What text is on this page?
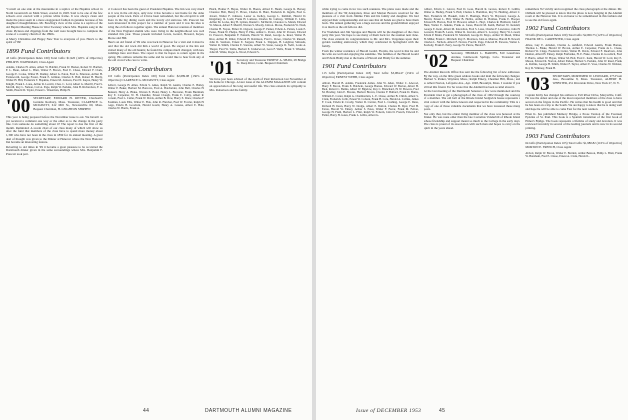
"Carroll on one side of the mezzanine in a replica of the Hopkins school in North Greenwich on Main Street, erected in 1928. Said to be one of the few schools ever erected with a private white frame. It was always clean and made the place seem in a more exaggerated fashion in genuine because of his daughter's thoughtfulness. Mr. Bowling's view of the scene is a replica of the old Baptist Meeting House in West Swanzey where Mrs. Hopkins sang in the choir. Pictures and clippings from the wall were brought here to complete the scene of a country church of the 1890s.

A Merry Christmas and Happy New Year to everyone of you. Here's to the spirit of '99!

1899 Fund Contributors
43 Gifts (Participation Index 100) Total Gifts: $1,920 (120% of Objective) PHILIP H. WATERMAN, Class Agent
Adams, Charles H. Allen, Albert W. Babbitt, Frank W. Barker, Robert W. Bartlett, F. L. Bean, Albert L. Blair, Walter F. Brown, Fred E. Chase, Edward F. Clark, George E. Cooke, Walter H. Dudley, Albert G. Eaton, Fred G. Emerson, Arthur H. Farnsworth, George Foster, Frank E. Gilman, Charles E. Hall, Robert B. Hardy, Walter H. Hill, Frederick T. Hopkins, Ernest M. Jackson, Fred N. Keyes, Henry W. Knight, Frank L. Lane, Arthur R. Leavitt, Chas. C. Lord, Albert G. Merrill, Fred S. Morrill, Roy L. Nelson, Carl A. Page, Ralph W. Perkins, John B. Richardson, F. A. Smith, Harold D. Taylor, Ernest L. Waterman, Philip H.
'00 SECRETARY, EDWARD H. RITTER, Chadwell's Gardens Roxbury, Mass. Treasurer, CLARENCE G. MCDAVITT, 612 Mill St., Newtonville 60, Mass. Bequest Chairman, H. LEIGHTON SHIPPEN

This year is being prepared before the November issue is out. We haven't as yet received a comment one way or the other as to the change in the party line. Can someone do something about it? The report is due the first of the month. Reminded: A recent chart of our class many of which will show us after the fund that members of the class have to spend more money about 1,300 who have not been in the class in 1899 for its annual meeting. A great deal of thought was given to the Dinner at Hanover where the New Hanover Inn became an interesting feature.

Reverting to old times in '99 it became a great pleasure to be re-visited the Dartmouth dinner given in the same surroundings where Mrs. Benjamin F. Prescott took part.

of Concord has been the guest of President Hopkins. The Inn was very much as it was in the old days, only now it has become a rest home for the older people of the town. Parts of it have been remodeled, but the old spirit is still there in the big dining room and the lovely old staircase. Mr. Prescott has been interested in this project for a number of years and it was his idea to bring the old fellows together again. The annual Hanover reunion of members of the New England alumni who were living in the neighborhood was well attended this year. Those present included Lewis, Gerard, Howard, Keyes, Morse and Hill.

Here's an old friend of '99 who was back in Hanover for a visit and it must be said that the old town did him a world of good. He stayed at the Inn and visited many of the old haunts; he found the campus much changed, with new buildings here and there. The report is that he hopes to return again in the spring. His address remains the same and he would like to hear from any of the old crowd who care to write.

1900 Fund Contributors
110 Gifts (Participation Index 100) Total Gifts: $2,089.08 (136% of Objective) CLARENCE G. MCDAVITT, Class Agent
Abbott, George H. Allen, Edwin S. Ames, Ralph W. Austin, Charles E. Bailey, Walter P. Baker, Herbert M. Barrows, Fred A. Batchelder, John Bell, Charles H. Bennett, Harry A. Blake, Warren E. Bond, Henry L. Brewster, Frank Burnham, Roy E. Carpenter, W. H. Chandler, Ernest Clough, Frank E. Colby, Albert R. Conant, Fred L. Cutler, Frank W. Davis, Arthur B. Dow, Harry E. Drew, Charles F. Eastman, Louis Ellis, Walter E. Fisk, John R. Fletcher, Fred W. Fowler, Ralph H. Gage, Edwin B. Goodwin, Harold Gould, Henry A. Greene, Albert E. Hale, Charles W. Harris, Frank A.
Hatch, Homer F. Hayes, Walter D. Hazen, Alfred E. Heath, George R. Hersey, Clarence Holt, Henry E. Howe, Charles D. Hunt, Frederick R. Ingalls, Fred G. Jewett, Walter F. Johnson, Lester A. Kelley, George L. Kimball, Harold D. Kingsbury, R. Ladd, Frank H. Lamson, Charles M. Lathrop, William E. Little, Arthur M. Locke, Roy B. Lyman, Daniel C. McDavitt, Clarence G. Marsh, Edward W. Mason, Albert F. Merrill, Warren S. Moody, John A. Morse, Frederick W. Nash, Charles H. Noyes, Elmer D. Osgood, George F. Parker, Edwin A. Patten, Louis E. Pease, Frank W. Phelps, Harry P. Pike, Arthur L. Porter, John W. Powers, Edward D. Prescott, Benjamin F. Putnam, Harold W. Rand, George A. Reed, Walter B. Rice, Arthur H. Ritter, Edward H. Robinson, Fred L. Rowe, Charles W. Russell, John D. Sanborn, Ernest E. Sargent, Frank L. Shippen, H. Leighton Simonds, Walter R. Smith, Charles E. Stevens, Albert W. Stone, George D. Swift, Louis A. Thayer, Fred W. Tuttle, Herbert E. Underwood, Leon F. Wells, Frank T. Wheeler, John M. White, Roger A. Wood, Edward S.
'01 Secretary and Treasurer ERNEST A. SHAW, 28 Bridge St. Deep River, Conn. Bequest Chairman

We have just been advised of the death of Paul Robertson last November at his home in Chicago. A later issue of the ALUMNI MAGAZINE will contain an appreciation of his long and useful life. The class extends its sympathy to Mrs. Robertson and the family.

44	DARTMOUTH ALUMNI MAGAZINE

while trying to come in for two such reunions. The plans were made and the members of the '99 delegation, three and Marion Bowers resolved for the pleasure of a visit from Jimmie Finn and his family and daughter. We had enjoyed their companionship and are sure that all hands are glad to have them back. The annual gathering was a huge success and the grandchildren enjoyed it as much as the old fellows did.

For Workmen and Jim Sprague and Hezzie will be the daughters of the class party this year. We hope to see many of them back for the reunion next June. The class extends its congratulations to Mr. and Mrs. Vergennes upon their golden wedding anniversary which they celebrated in Springfield with the family.

From the winter residence of Harold Gould, Florida, the word is that he and his wife are well and enjoying the sunshine. The families of the Harold Gould and Edwin Biddy met at the home of Harold and Biddy for the summer.

1901 Fund Contributors
115 Gifts (Participation Index 118) Total Gifts: $3,084.47 (154% of Objective) ERNEST WEBB, Class Agent
Abbott, Harold B. Adams, Frederick Alden, John W. Allen, Walter C. Atwood, Harry F. Bacon, Frank E. Baldwin, George Barnes, Edward W. Barton, Albert H. Beal, Robert C. Bemis, Albert W. Bigelow, Roy C. Blanchard, H. W. Bowers, Fred M. Bradley, John E. Brooks, Herbert Brown, Charles F. Bullard, Frank D. Burns, William E. Carter, Ralph A. Chamberlain, L. E. Chase, Arthur B. Childs, Albert S. Clark, Frederick Cobb, Ernest W. Coburn, Frank H. Cole, Harold A. Collins, James F. Cook, Edwin R. Crosby, Walter D. Currier, Fred L. Cushing, George E. Dana, Richard H. Dean, Harry W. Dodge, Albert E. Dutton, Charles B. Dyer, Fred H. Eaton, Harold W. Emery, Arthur S. Estes, Walter F. Farrar, Frank M. Felton, George H. Field, Herbert L. Flint, Ralph W. Folsom, John D. French, Edward E. Fuller, Harry H. Gates, Frank L. Gibbs, Albert G.
Gilbert, Edwin C. Glover, Fred D. Goss, Harold R. Graves, Robert E. Griffin, Walter A. Hadley, Frank S. Hall, Charles L. Hamilton, Roy W. Harding, Albert C. Hart, Frederick M. Haskell, John E. Hastings, Harry W. Hayward, George A. Hewitt, Ernest L. Hill, Walter B. Hobbs, Arthur D. Holmes, Frank E. Hooper, Edward B. Horton, Fred W. Howard, Albert L. Hoyt, Charles R. Hubbard, John F. Hunt, Walter E. Jenkins, Frank A. Jones, Harold M. Keith, Herbert W. Kendall, George E. Kent, Albert M. Knowlton, Fred S. Lane, Charles F. Lawrence, John H. Leonard, Frank B. Lewis, Walter R. Lincoln, Albert S. Lovejoy, Harry W. Lowell, Edwin P. Mann, Frederick W. Marshall, George D. Mayo, Arthur W. Mead, Walter H. Miller, Frank C. Mitchell, Roy E. Morrison, John A. Munroe, Harold B. Newell, Charles L. Nichols, Albert F. Norton, Fred R. Page, Edward H. Parsons, Walter L. Peabody, Frank E. Perry, George W. Pierce, Harold F.
'02 Secretary, THOMAS L. BARNES, 810 Grandview Avenue, Glenwoods Springs, Colo. Treasurer and Bequest Chairman

The Alumni Records Office has sent me the following list of new addresses. By the way, on the little green address books and mail the following changes: Herbert S. Parker, Wayland, Mass.; Ralph Emery, Chestnut Hill, Mass.; and to Albert Norton, Lafayette Ave., Apt. 1048, Brooklyn, Mass. I wonder if you all had this friend. For he wrote that the Alumni has been so kind about it.

At the last meeting of the Dartmouth Senators a few were mentioned and the President tried to get a photograph of the class of 1902 through the courtesy of a member. The old bell of the Rhode Island Sedgwick house represents a vital contact with the fellow known and respected in the community. This is a copy of one of those valuable documents that we have treasured these many years.

Not only that, but the oldest living member of the class was honored at the dinner. He was none other than the late Cornelius Vanderbilt of Rhode Island whose friendship and support meant so much to the College in the early days. The class is proud of its association with such men and hopes to carry on the spirit in the years ahead.

remembers '02 vividly and recognized the class photograph at the dinner. Mr. Oldham will be pleased to know that the photo is now hanging in the Alumni room at the Hanover Inn. It is an honor to be remembered in this fashion and to see the old faces again.

1902 Fund Contributors
59 Gifts (Participation Index 100) Total Gifts: $2,006.75 (123% of Objective) FRANK DE L. CARPENTER, Class Agent
Albee, Guy E. Amsden, Charles A. Ashfield, Edward Austin, Frank Barnes, Thomas L. Blake, Harold W. Brown, Arthur E. Carpenter, Frank de L. Chase, Richard W. Clapp, Frederick Cutler, Walter H. Davis, Edward F. Dearborn, John Dunbar, Albert H. Emery, Ralph Fairbanks, H. E. Fiske, Charles R. Goodrich, Fred P. Harris, Albert W. Hayes, Walter M. Holt, Fred C. Kent, Harold W. Lord, Roy E. Mason, Edward R. Norton, Albert Parker, Herbert S. Perkins, John W. Reed, Frank A. Rollins, George H. Smith, Walter F. Taylor, Albert E. Vose, Charles W. Webster, Roy D. Whitney, Frank H.
'03 SECRETARY, MORTIMER W. LEONARD, 275 Front Ave., Brookline 8, Mass. Treasurer, ALBERT H. WEBSTER, 451 Riverside Drive, New York 27, N. Y.

Captain Kirby has changed his address to Fall River Drive, Marysville, Calif. He was the oldest and one of the most respected members of the class to have served on the frigate in the Pacific. He writes that his health is good and that he has been on a trip to the South. We are happy to know that he is doing well and hope he will be able to come East for the next reunion.

Ellen K. has published Memory Bridge, a Prose Version of the Fourteen Epistles of St. Paul. This book is a Spanish translation of the first book of Elmer's Bridge. The book represents a lifetime of study and devotion. It was reviewed favorably in several of the leading journals and is now in its second printing.

1903 Fund Contributors
64 Gifts (Participation Index 105) Total Gifts: $1,980.82 (110% of Objective) MORTON E. FRENCH, Class Agent
Abbott, Ralph W. Bacon, Walter E. Bartlett, Arthur Benson, Philip L. Blair, Frank W. Burnham, Fred E. Chase, Ernest A. Clark, Harold L.
Issue of DECEMBER 1953	45
